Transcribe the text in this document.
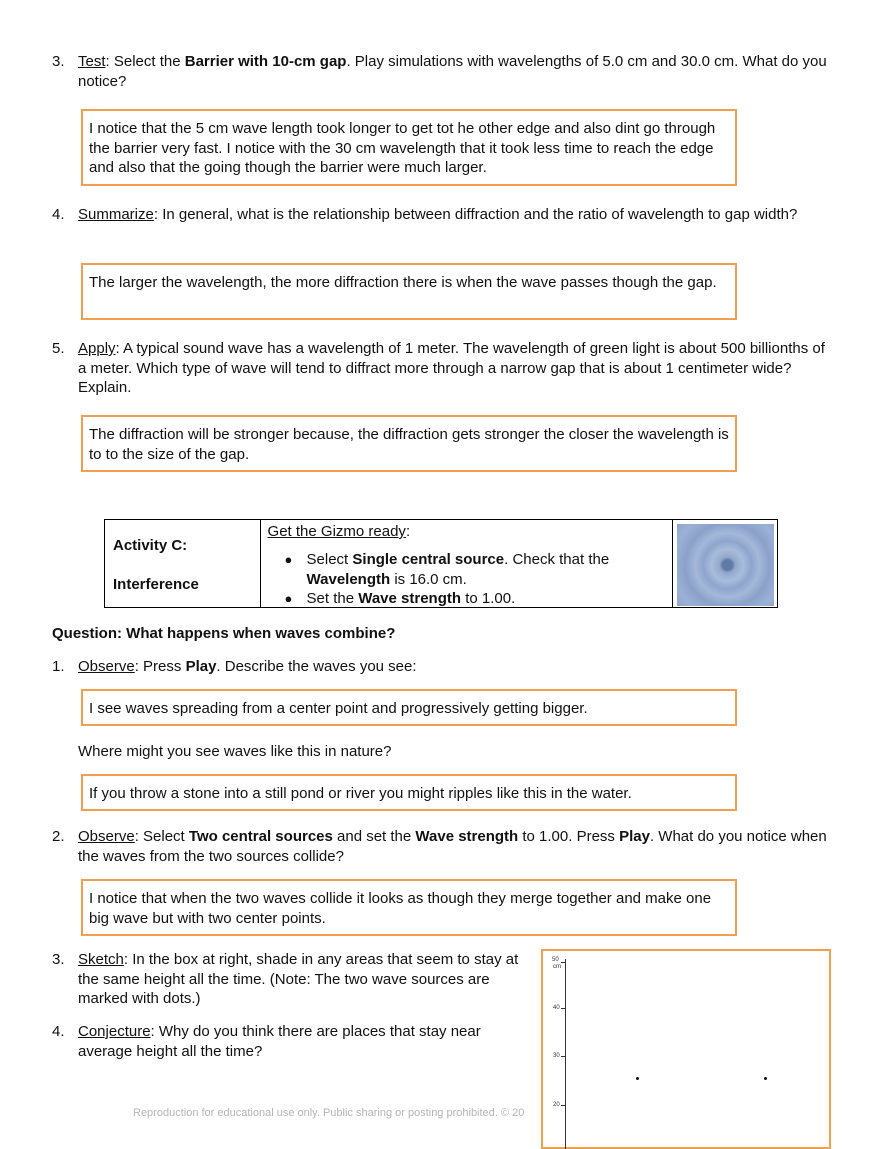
3. Test: Select the Barrier with 10-cm gap. Play simulations with wavelengths of 5.0 cm and 30.0 cm. What do you notice?
I notice that the 5 cm wave length took longer to get tot he other edge and also dint go through the barrier very fast. I notice with the 30 cm wavelength that it took less time to reach the edge and also that the going though the barrier were much larger.
4. Summarize: In general, what is the relationship between diffraction and the ratio of wavelength to gap width?
The larger the wavelength, the more diffraction there is when the wave passes though the gap.
5. Apply: A typical sound wave has a wavelength of 1 meter. The wavelength of green light is about 500 billionths of a meter. Which type of wave will tend to diffract more through a narrow gap that is about 1 centimeter wide? Explain.
The diffraction will be stronger because, the diffraction gets stronger the closer the wavelength is to to the size of the gap.
Activity C:
Interference

Get the Gizmo ready:
● Select Single central source. Check that the Wavelength is 16.0 cm.
● Set the Wave strength to 1.00.

Question: What happens when waves combine?
1. Observe: Press Play. Describe the waves you see:
I see waves spreading from a center point and progressively getting bigger.
Where might you see waves like this in nature?
If you throw a stone into a still pond or river you might ripples like this in the water.
2. Observe: Select Two central sources and set the Wave strength to 1.00. Press Play. What do you notice when the waves from the two sources collide?
I notice that when the two waves collide it looks as though they merge together and make one big wave but with two center points.
3. Sketch: In the box at right, shade in any areas that seem to stay at the same height all the time. (Note: The two wave sources are marked with dots.)
4. Conjecture: Why do you think there are places that stay near average height all the time?
50
cm
40
30
20
Reproduction for educational use only. Public sharing or posting prohibited. © 20
